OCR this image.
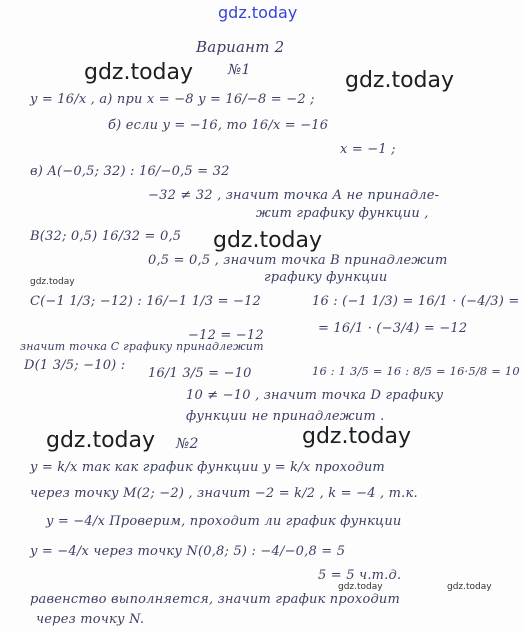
gdz.today
gdz.today	gdz.today
gdz.today
gdz.today	gdz.today
gdz.today
gdz.today	gdz.today
Вариант 2
№1
y = 16/x , а) при x = −8 y = 16/−8 = −2 ;
б) если y = −16, то 16/x = −16
x = −1 ;
в) A(−0,5; 32) : 16/−0,5 = 32
−32 ≠ 32 , значит точка A не принадле-
жит графику функции ,
B(32; 0,5) 16/32 = 0,5
0,5 = 0,5 , значит точка B принадлежит
графику функции
C(−1 1/3; −12) : 16/−1 1/3 = −12	16 : (−1 1/3) = 16/1 · (−4/3) =
= 16/1 · (−3/4) = −12
−12 = −12
значит точка C графику принадлежит
D(1 3/5; −10) :
16/1 3/5 = −10	16 : 1 3/5 = 16 : 8/5 = 16·5/8 = 10
10 ≠ −10 , значит точка D графику
функции не принадлежит .
№2
y = k/x так как график функции y = k/x проходит
через точку M(2; −2) , значит −2 = k/2 , k = −4 , т.к.
y = −4/x Проверим, проходит ли график функции
y = −4/x через точку N(0,8; 5) : −4/−0,8 = 5
5 = 5 ч.т.д.
равенство выполняется, значит график проходит
через точку N.
